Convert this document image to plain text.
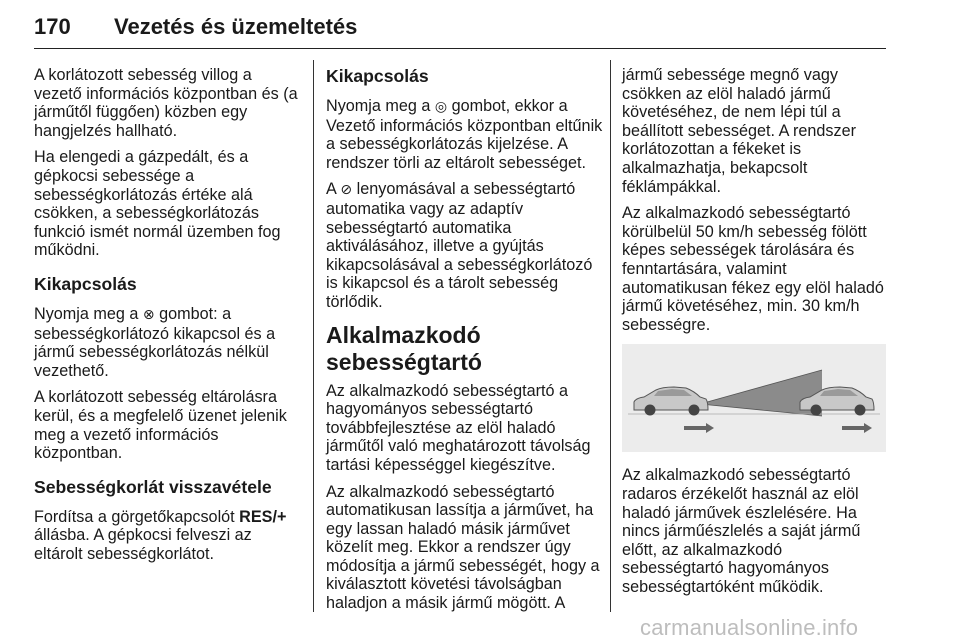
170 Vezetés és üzemeltetés

A korlátozott sebesség villog a vezető információs központban és (a járműtől függően) közben egy hangjelzés hallható.

Ha elengedi a gázpedált, és a gépkocsi sebessége a sebességkorlátozás értéke alá csökken, a sebességkorlátozás funkció ismét normál üzemben fog működni.

Kikapcsolás

Nyomja meg a ⊗ gombot: a sebességkorlátozó kikapcsol és a jármű sebességkorlátozás nélkül vezethető.

A korlátozott sebesség eltárolásra kerül, és a megfelelő üzenet jelenik meg a vezető információs központban.

Sebességkorlát visszavétele

Fordítsa a görgetőkapcsolót RES/+ állásba. A gépkocsi felveszi az eltárolt sebességkorlátot.

Kikapcsolás

Nyomja meg a ◎ gombot, ekkor a Vezető információs központban eltűnik a sebességkorlátozás kijelzése. A rendszer törli az eltárolt sebességet.

A ⊘ lenyomásával a sebességtartó automatika vagy az adaptív sebességtartó automatika aktiválásához, illetve a gyújtás kikapcsolásával a sebességkorlátozó is kikapcsol és a tárolt sebesség törlődik.

Alkalmazkodó sebességtartó

Az alkalmazkodó sebességtartó a hagyományos sebességtartó továbbfejlesztése az elöl haladó járműtől való meghatározott távolság tartási képességgel kiegészítve.

Az alkalmazkodó sebességtartó automatikusan lassítja a járművet, ha egy lassan haladó másik járművet közelít meg. Ekkor a rendszer úgy módosítja a jármű sebességét, hogy a kiválasztott követési távolságban haladjon a másik jármű mögött. A

jármű sebessége megnő vagy csökken az elöl haladó jármű követéséhez, de nem lépi túl a beállított sebességet. A rendszer korlátozottan a fékeket is alkalmazhatja, bekapcsolt féklámpákkal.

Az alkalmazkodó sebességtartó körülbelül 50 km/h sebesség fölött képes sebességek tárolására és fenntartására, valamint automatikusan fékez egy elöl haladó jármű követéséhez, min. 30 km/h sebességre.

Az alkalmazkodó sebességtartó radaros érzékelőt használ az elöl haladó járművek észlelésére. Ha nincs járműészlelés a saját jármű előtt, az alkalmazkodó sebességtartó hagyományos sebességtartóként működik.

carmanualsonline.info
